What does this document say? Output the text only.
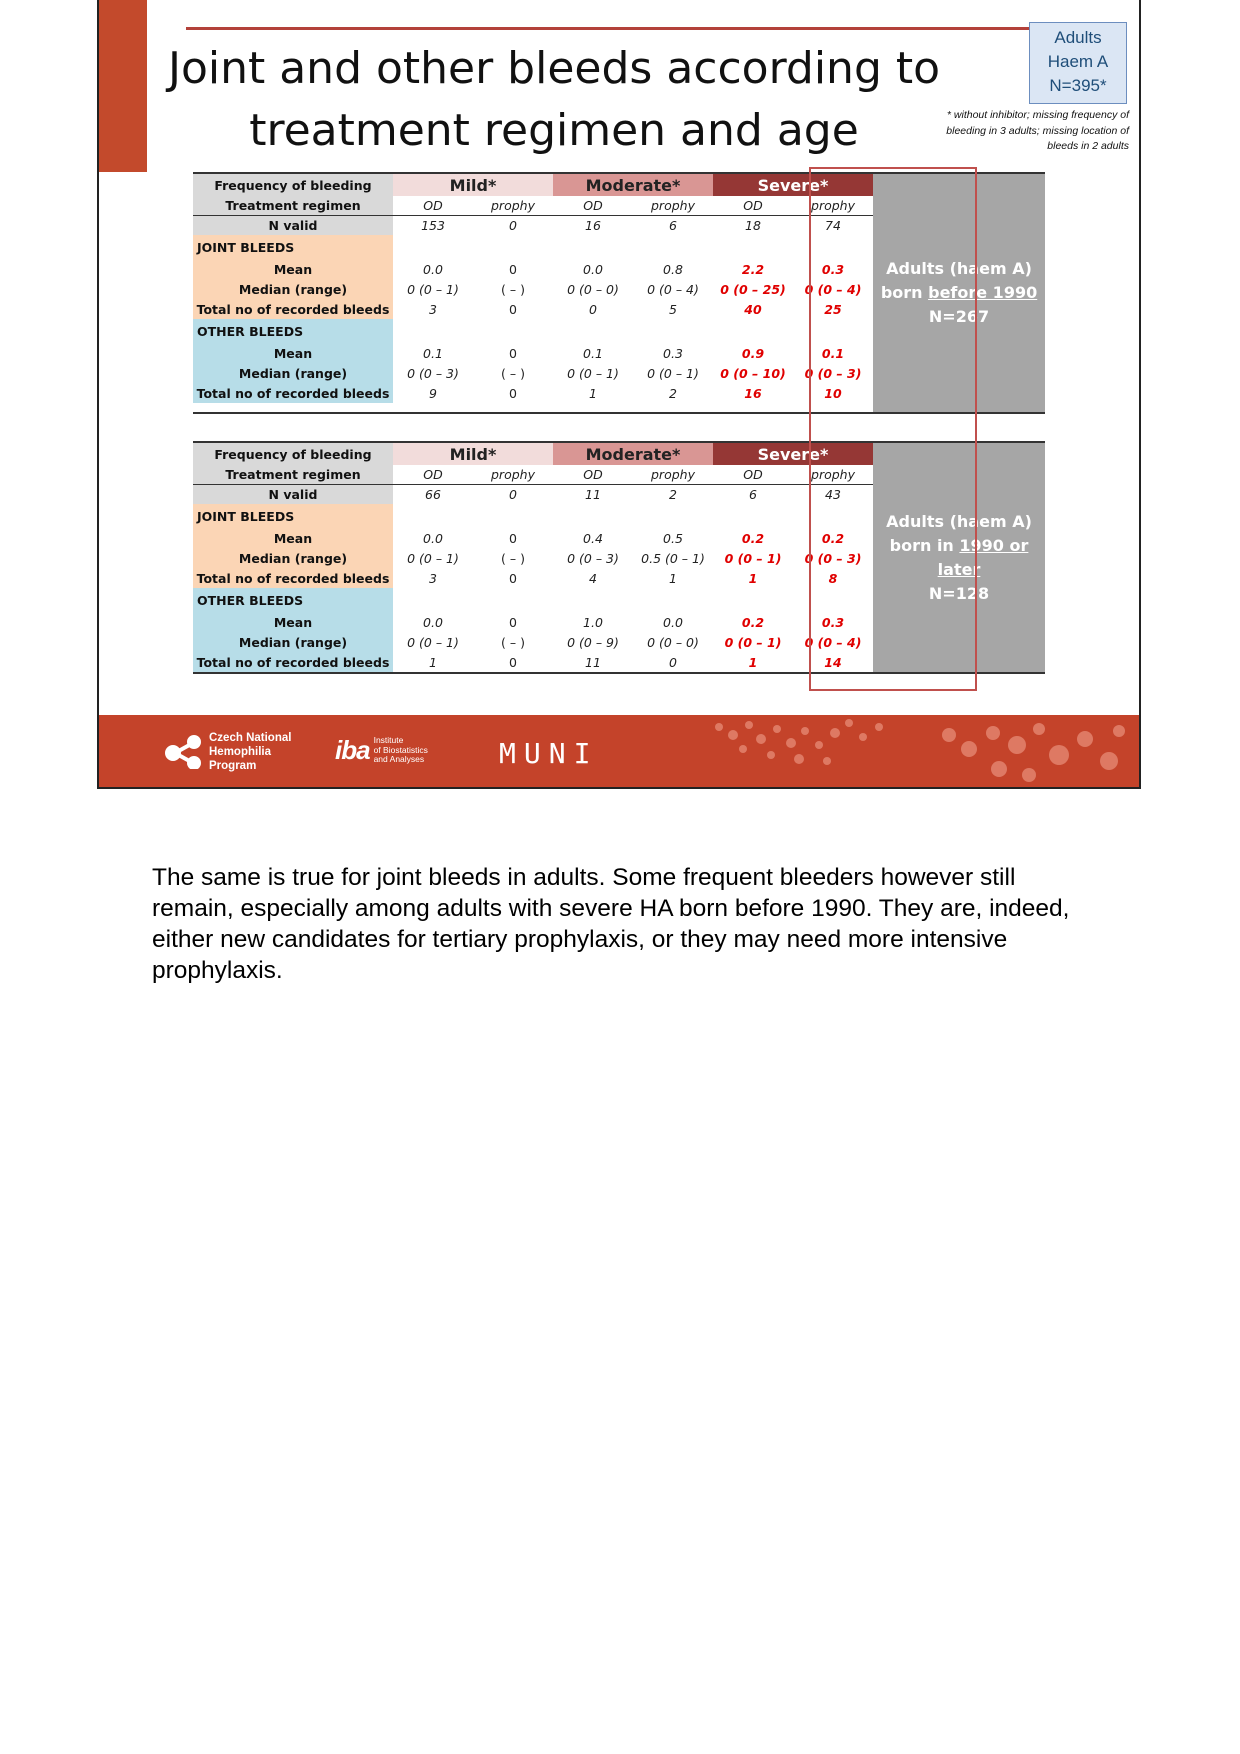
Joint and other bleeds according to treatment regimen and age
Adults
Haem A
N=395*
* without inhibitor; missing frequency of bleeding in 3 adults; missing location of bleeds in 2 adults
Frequency of bleeding	Mild*		Moderate*		Severe*		Adults (haem A)
born before 1990
N=267

Treatment regimen	OD	prophy	OD	prophy	OD	prophy	
N valid	153	0	16	6	18	74	
JOINT BLEEDS							
Mean	0.0	0	0.0	0.8	2.2	0.3	
Median (range)	0 (0 – 1)	( – )	0 (0 – 0)	0 (0 – 4)	0 (0 – 25)	0 (0 – 4)	
Total no of recorded bleeds	3	0	0	5	40	25	
OTHER BLEEDS							
Mean	0.1	0	0.1	0.3	0.9	0.1	
Median (range)	0 (0 – 3)	( – )	0 (0 – 1)	0 (0 – 1)	0 (0 – 10)	0 (0 – 3)	
Total no of recorded bleeds	9	0	1	2	16	10	

Frequency of bleeding	Mild*		Moderate*		Severe*		Adults (haem A)
born in 1990 or
later
N=128

Treatment regimen	OD	prophy	OD	prophy	OD	prophy	
N valid	66	0	11	2	6	43	
JOINT BLEEDS							
Mean	0.0	0	0.4	0.5	0.2	0.2	
Median (range)	0 (0 – 1)	( – )	0 (0 – 3)	0.5 (0 – 1)	0 (0 – 1)	0 (0 – 3)	
Total no of recorded bleeds	3	0	4	1	1	8	
OTHER BLEEDS							
Mean	0.0	0	1.0	0.0	0.2	0.3	
Median (range)	0 (0 – 1)	( – )	0 (0 – 9)	0 (0 – 0)	0 (0 – 1)	0 (0 – 4)	
Total no of recorded bleeds	1	0	11	0	1	14	
Czech National
Hemophilia
Program
iba Institute
of Biostatistics
and Analyses	MUNI
The same is true for joint bleeds in adults. Some frequent bleeders however still remain, especially among adults with severe HA born before 1990. They are, indeed, either new candidates for tertiary prophylaxis, or they may need more intensive prophylaxis.
